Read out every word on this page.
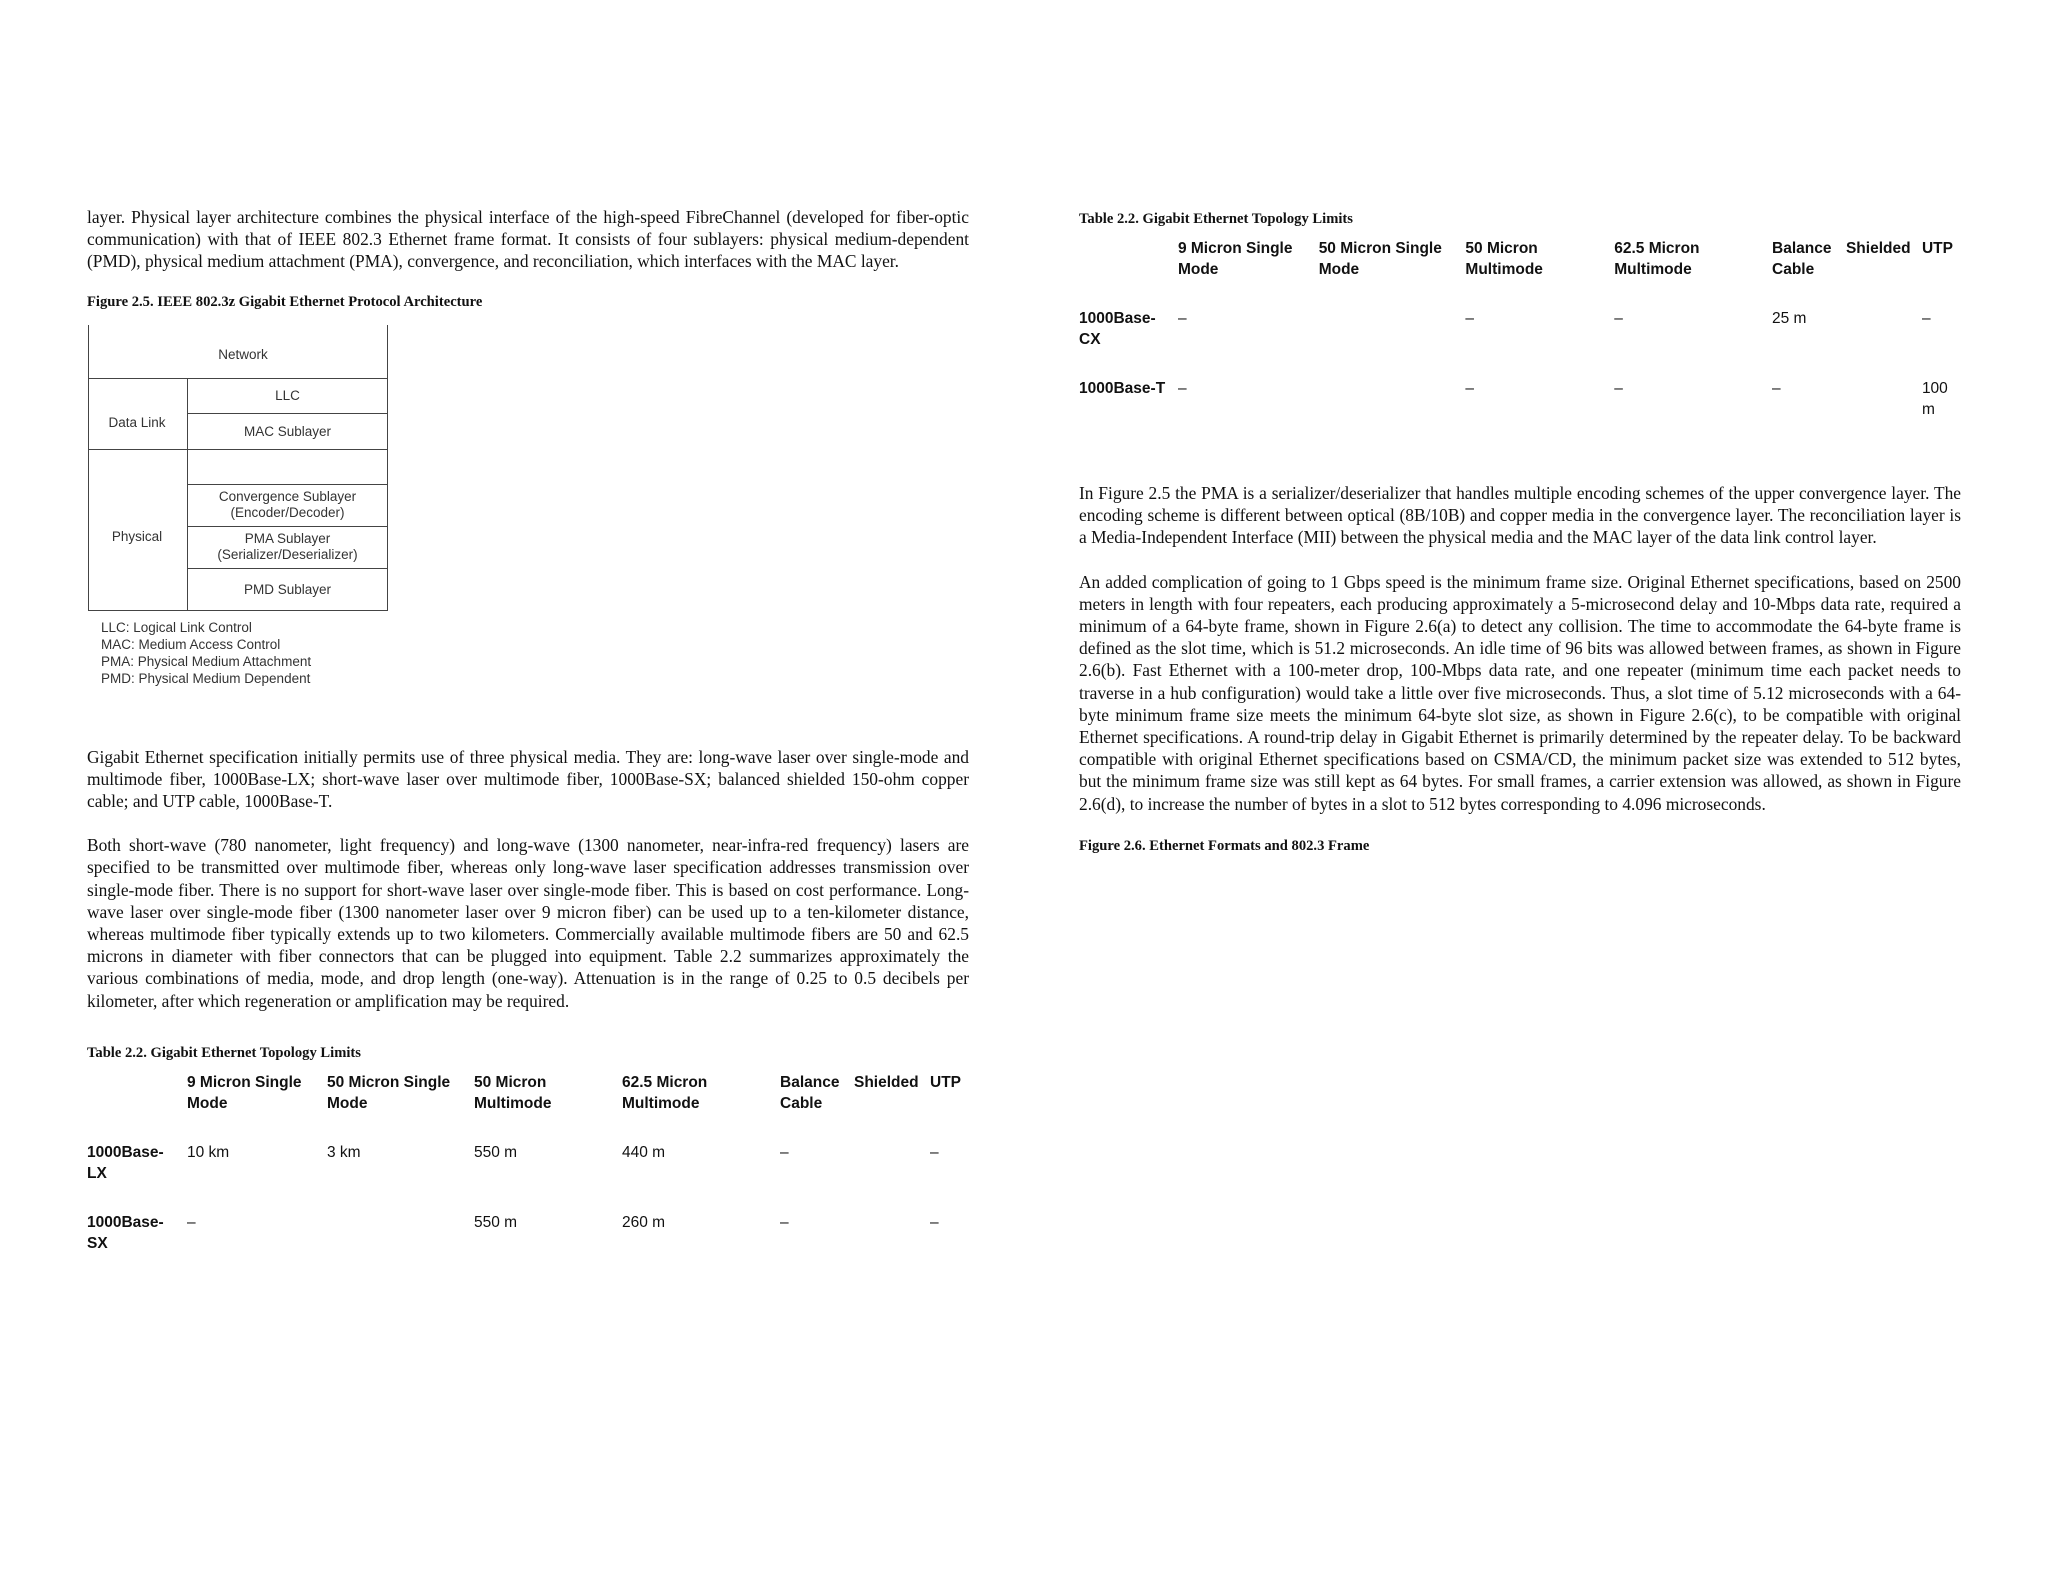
layer. Physical layer architecture combines the physical interface of the high-speed FibreChannel (developed for fiber-optic communication) with that of IEEE 802.3 Ethernet frame format. It consists of four sublayers: physical medium-dependent (PMD), physical medium attachment (PMA), convergence, and reconciliation, which interfaces with the MAC layer.

Figure 2.5. IEEE 802.3z Gigabit Ethernet Protocol Architecture

Network
Data Link
LLC
MAC Sublayer
Physical
Convergence Sublayer
(Encoder/Decoder)
PMA Sublayer
(Serializer/Deserializer)
PMD Sublayer
LLC: Logical Link Control
MAC: Medium Access Control
PMA: Physical Medium Attachment
PMD: Physical Medium Dependent

Gigabit Ethernet specification initially permits use of three physical media. They are: long-wave laser over single-mode and multimode fiber, 1000Base-LX; short-wave laser over multimode fiber, 1000Base-SX; balanced shielded 150-ohm copper cable; and UTP cable, 1000Base-T.

Both short-wave (780 nanometer, light frequency) and long-wave (1300 nanometer, near-infra-red frequency) lasers are specified to be transmitted over multimode fiber, whereas only long-wave laser specification addresses transmission over single-mode fiber. There is no support for short-wave laser over single-mode fiber. This is based on cost performance. Long-wave laser over single-mode fiber (1300 nanometer laser over 9 micron fiber) can be used up to a ten-kilometer distance, whereas multimode fiber typically extends up to two kilometers. Commercially available multimode fibers are 50 and 62.5 microns in diameter with fiber connectors that can be plugged into equipment. Table 2.2 summarizes approximately the various combinations of media, mode, and drop length (one-way). Attenuation is in the range of 0.25 to 0.5 decibels per kilometer, after which regeneration or amplification may be required.

Table 2.2. Gigabit Ethernet Topology Limits

	9 Micron Single Mode	50 Micron Single Mode	50 Micron Multimode	62.5 Micron Multimode	Balance Cable	Shielded	UTP

1000Base-LX	10 km	3 km	550 m	440 m	–		–

1000Base-SX	–		550 m	260 m	–		–

Table 2.2. Gigabit Ethernet Topology Limits

	9 Micron Single Mode	50 Micron Single Mode	50 Micron Multimode	62.5 Micron Multimode	Balance Cable	Shielded	UTP

1000Base-CX	–		–	–	25 m		–

1000Base-T	–		–	–	–		100 m

In Figure 2.5 the PMA is a serializer/deserializer that handles multiple encoding schemes of the upper convergence layer. The encoding scheme is different between optical (8B/10B) and copper media in the convergence layer. The reconciliation layer is a Media-Independent Interface (MII) between the physical media and the MAC layer of the data link control layer.

An added complication of going to 1 Gbps speed is the minimum frame size. Original Ethernet specifications, based on 2500 meters in length with four repeaters, each producing approximately a 5-microsecond delay and 10-Mbps data rate, required a minimum of a 64-byte frame, shown in Figure 2.6(a) to detect any collision. The time to accommodate the 64-byte frame is defined as the slot time, which is 51.2 microseconds. An idle time of 96 bits was allowed between frames, as shown in Figure 2.6(b). Fast Ethernet with a 100-meter drop, 100-Mbps data rate, and one repeater (minimum time each packet needs to traverse in a hub configuration) would take a little over five microseconds. Thus, a slot time of 5.12 microseconds with a 64-byte minimum frame size meets the minimum 64-byte slot size, as shown in Figure 2.6(c), to be compatible with original Ethernet specifications. A round-trip delay in Gigabit Ethernet is primarily determined by the repeater delay. To be backward compatible with original Ethernet specifications based on CSMA/CD, the minimum packet size was extended to 512 bytes, but the minimum frame size was still kept as 64 bytes. For small frames, a carrier extension was allowed, as shown in Figure 2.6(d), to increase the number of bytes in a slot to 512 bytes corresponding to 4.096 microseconds.

Figure 2.6. Ethernet Formats and 802.3 Frame
